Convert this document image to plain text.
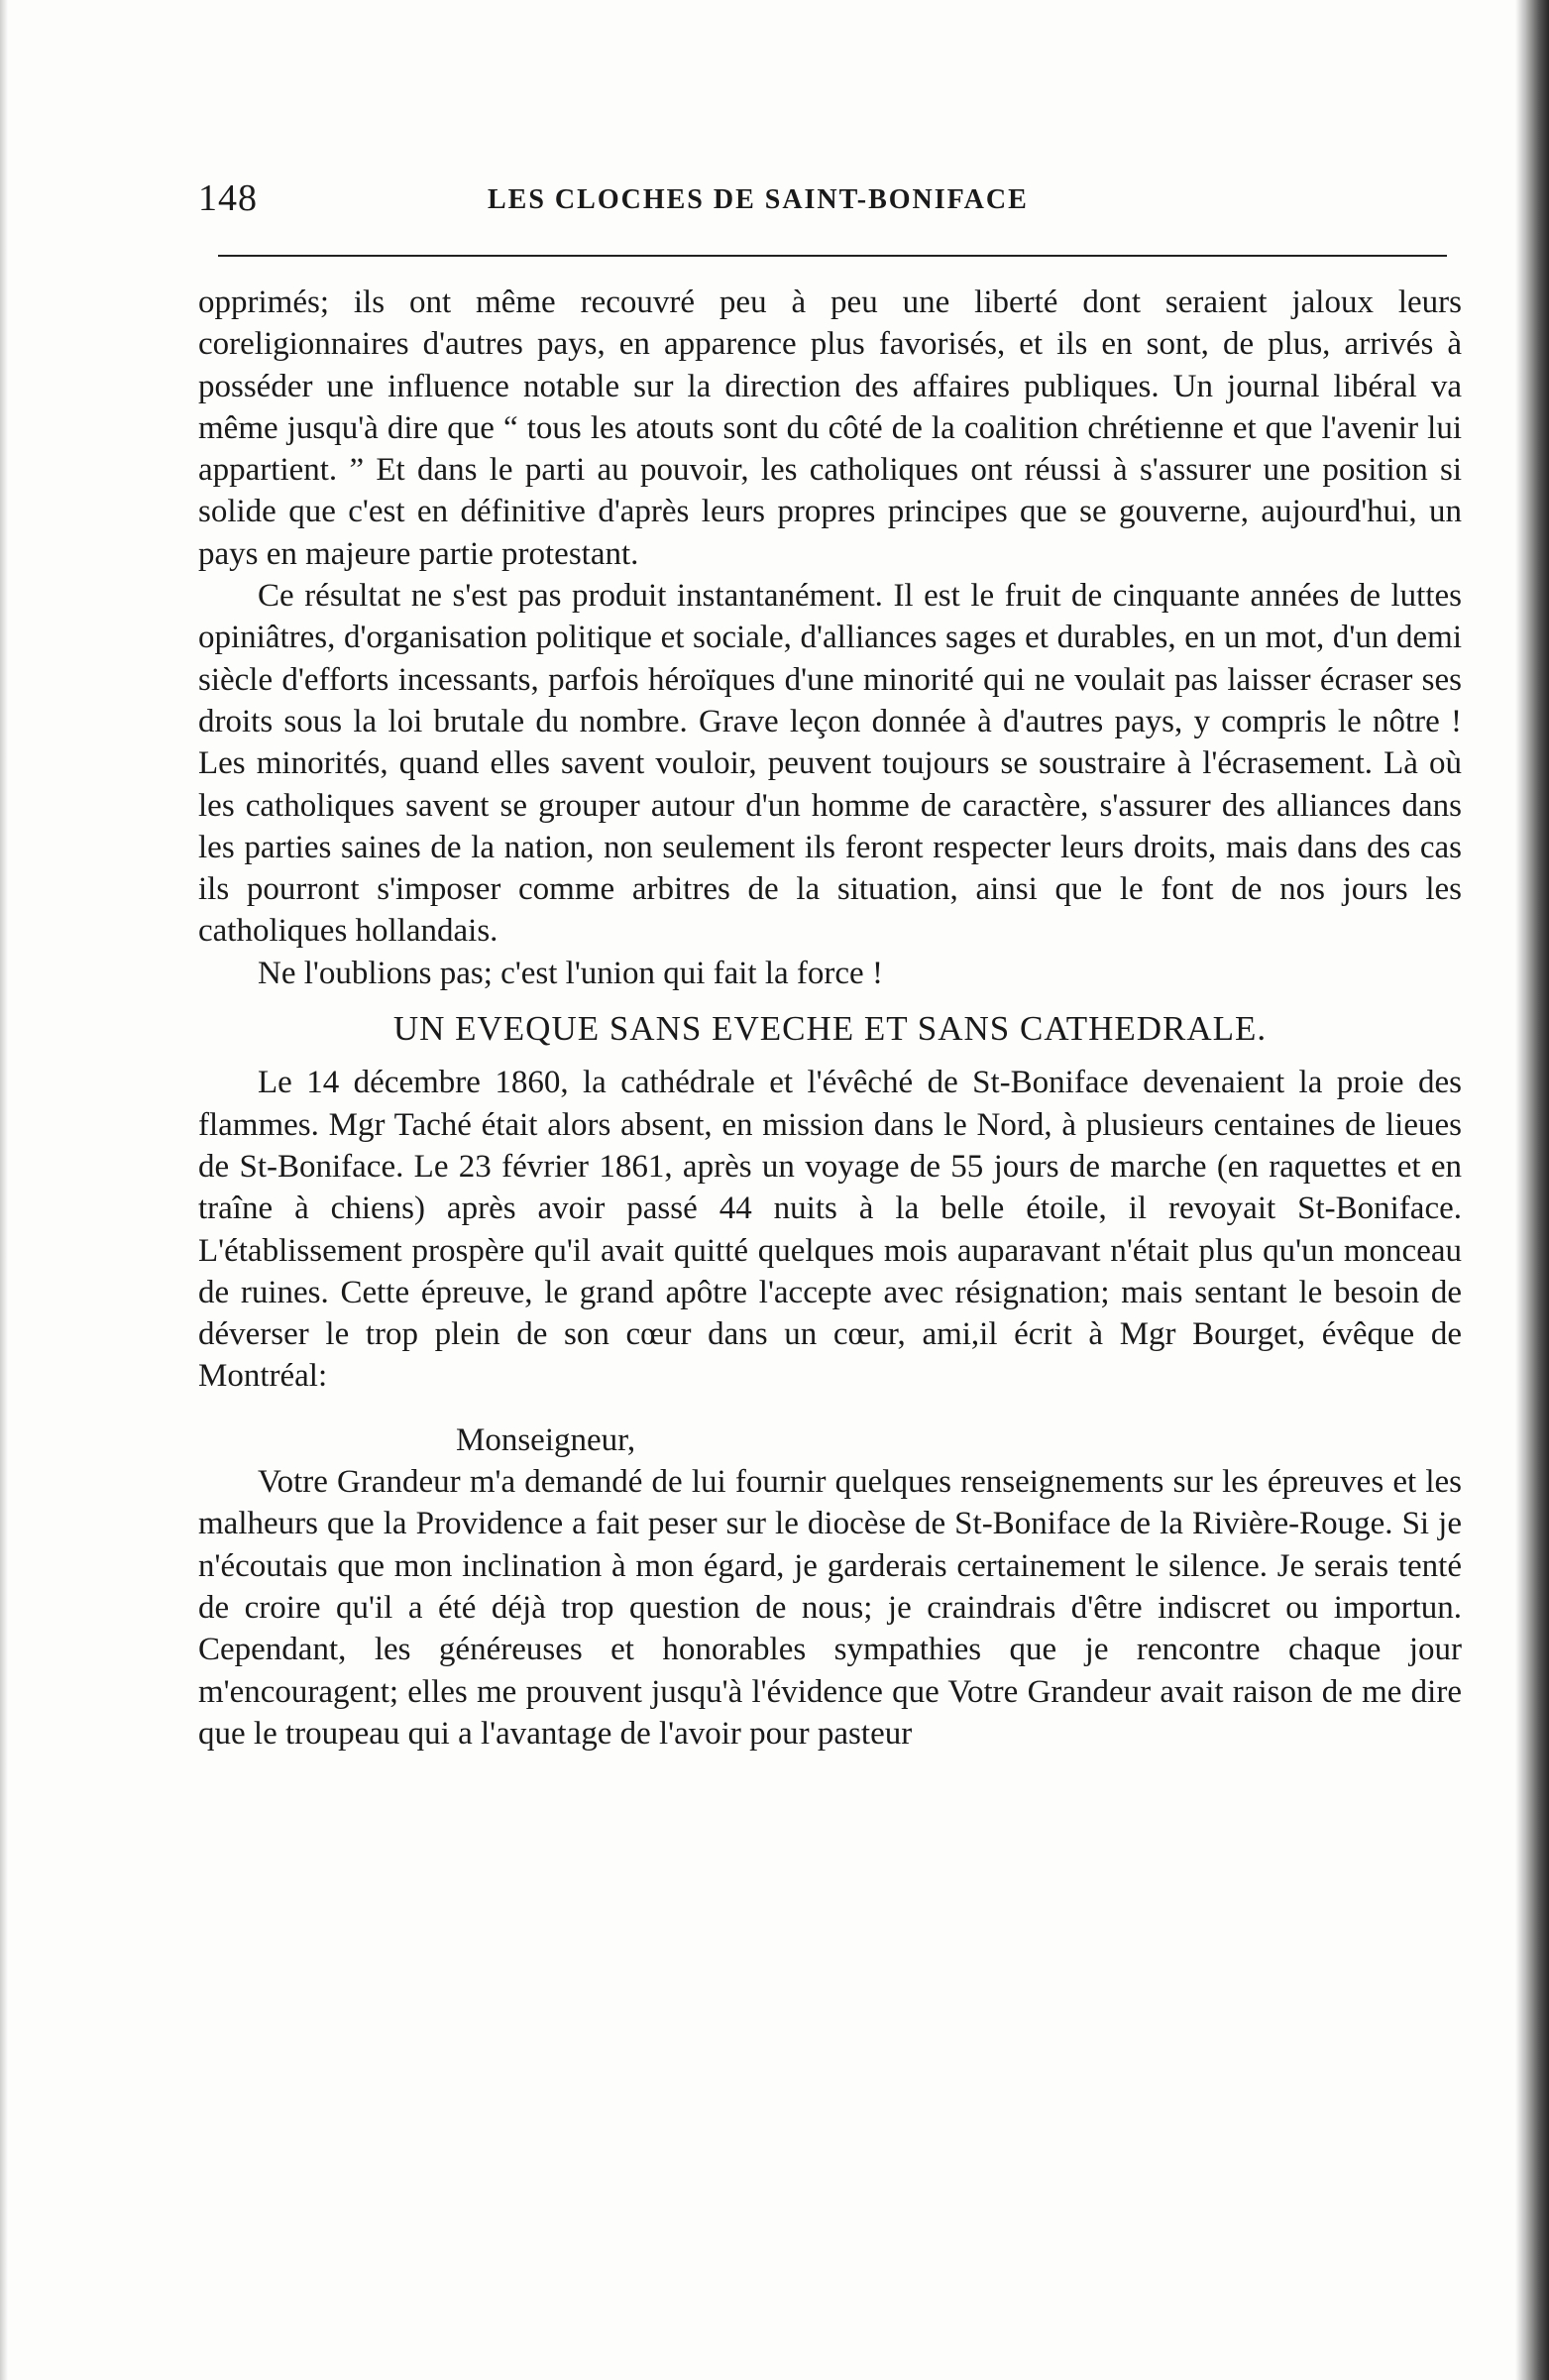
148	LES CLOCHES DE SAINT-BONIFACE

opprimés; ils ont même recouvré peu à peu une liberté dont seraient jaloux leurs coreligionnaires d'autres pays, en apparence plus favorisés, et ils en sont, de plus, arrivés à posséder une influence notable sur la direction des affaires publiques. Un journal libéral va même jusqu'à dire que “ tous les atouts sont du côté de la coalition chrétienne et que l'avenir lui appartient. ” Et dans le parti au pouvoir, les catholiques ont réussi à s'assurer une position si solide que c'est en définitive d'après leurs propres principes que se gouverne, aujourd'hui, un pays en majeure partie protestant.

Ce résultat ne s'est pas produit instantanément. Il est le fruit de cinquante années de luttes opiniâtres, d'organisation politique et sociale, d'alliances sages et durables, en un mot, d'un demi siècle d'efforts incessants, parfois héroïques d'une minorité qui ne voulait pas laisser écraser ses droits sous la loi brutale du nombre. Grave leçon donnée à d'autres pays, y compris le nôtre ! Les minorités, quand elles savent vouloir, peuvent toujours se soustraire à l'écrasement. Là où les catholiques savent se grouper autour d'un homme de caractère, s'assurer des alliances dans les parties saines de la nation, non seulement ils feront respecter leurs droits, mais dans des cas ils pourront s'imposer comme arbitres de la situation, ainsi que le font de nos jours les catholiques hollandais.

Ne l'oublions pas; c'est l'union qui fait la force !

UN EVEQUE SANS EVECHE ET SANS CATHEDRALE.

Le 14 décembre 1860, la cathédrale et l'évêché de St-Boniface devenaient la proie des flammes. Mgr Taché était alors absent, en mission dans le Nord, à plusieurs centaines de lieues de St-Boniface. Le 23 février 1861, après un voyage de 55 jours de marche (en raquettes et en traîne à chiens) après avoir passé 44 nuits à la belle étoile, il revoyait St-Boniface. L'établissement prospère qu'il avait quitté quelques mois auparavant n'était plus qu'un monceau de ruines. Cette épreuve, le grand apôtre l'accepte avec résignation; mais sentant le besoin de déverser le trop plein de son cœur dans un cœur, ami,il écrit à Mgr Bourget, évêque de Montréal:

Monseigneur,

Votre Grandeur m'a demandé de lui fournir quelques renseignements sur les épreuves et les malheurs que la Providence a fait peser sur le diocèse de St-Boniface de la Rivière-Rouge. Si je n'écoutais que mon inclination à mon égard, je garderais certainement le silence. Je serais tenté de croire qu'il a été déjà trop question de nous; je craindrais d'être indiscret ou importun. Cependant, les généreuses et honorables sympathies que je rencontre chaque jour m'encouragent; elles me prouvent jusqu'à l'évidence que Votre Grandeur avait raison de me dire que le troupeau qui a l'avantage de l'avoir pour pasteur
